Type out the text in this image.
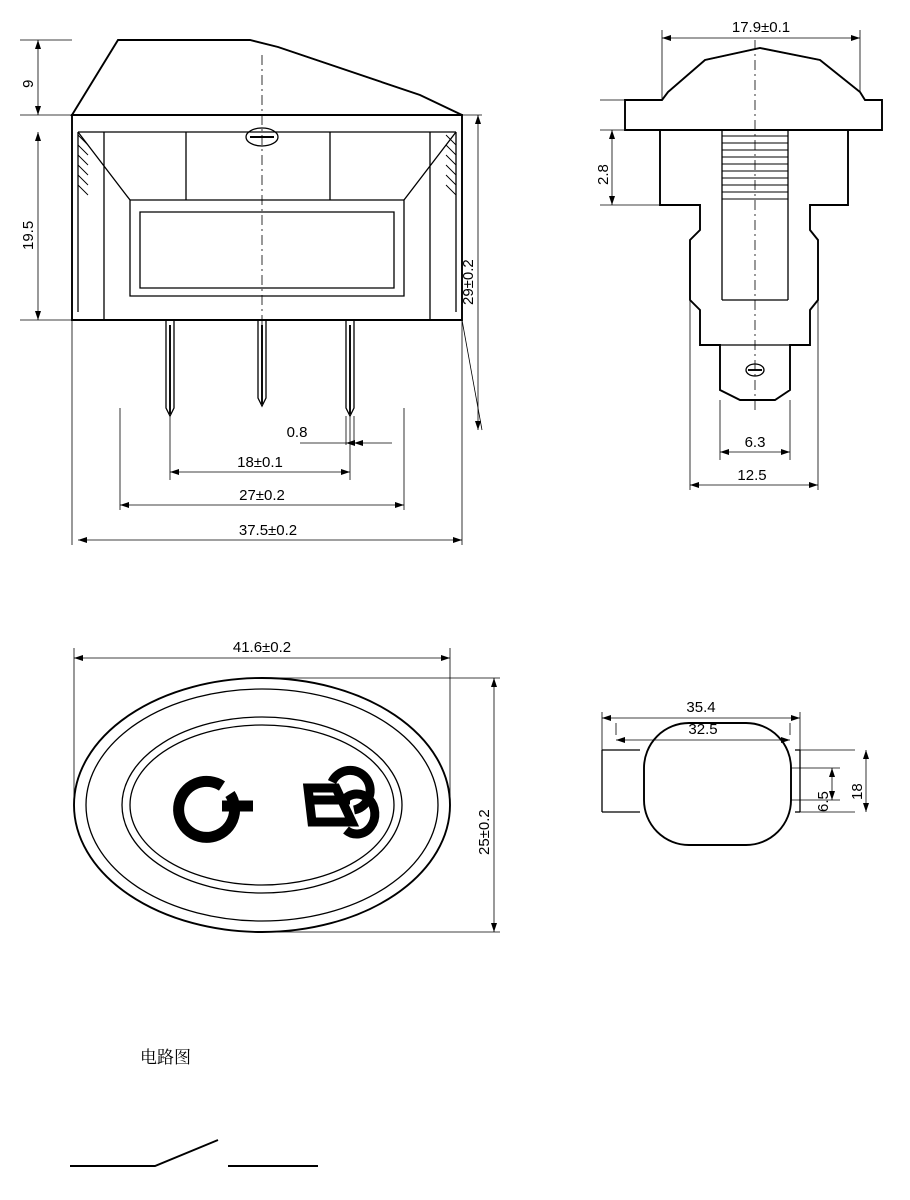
9
19.5
29±0.2
0.8
18±0.1
27±0.2
37.5±0.2
17.9±0.1
2.8
6.3
12.5
41.6±0.2
25±0.2
35.4
32.5
6.5 18
电路图
